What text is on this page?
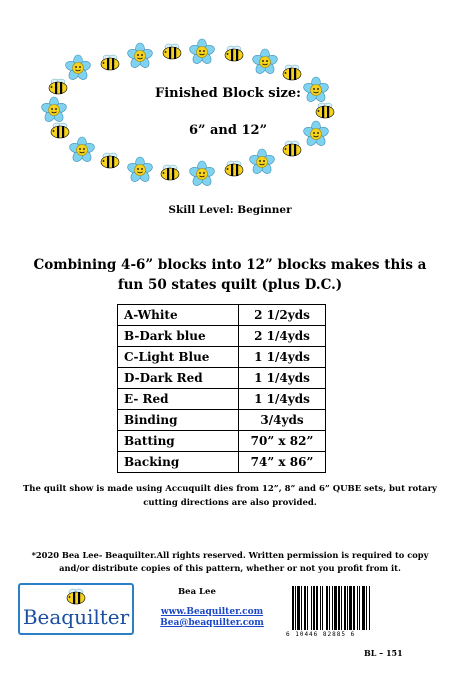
Finished Block size:
6” and 12”
Skill Level: Beginner
Combining 4-6” blocks into 12” blocks makes this a fun 50 states quilt (plus D.C.)
A-White	2 1/2yds
B-Dark blue	2 1/4yds
C-Light Blue	1 1/4yds
D-Dark Red	1 1/4yds
E- Red	1 1/4yds
Binding	3/4yds
Batting	70” x 82”
Backing	74” x 86”
The quilt show is made using Accuquilt dies from 12”, 8” and 6” QUBE sets, but rotary cutting directions are also provided.
*2020 Bea Lee- Beaquilter.All rights reserved. Written permission is required to copy and/or distribute copies of this pattern, whether or not you profit from it.
Beaquilter
Bea Lee
www.Beaquilter.com
Bea@beaquilter.com
6 10446 82885 6
BL – 151
